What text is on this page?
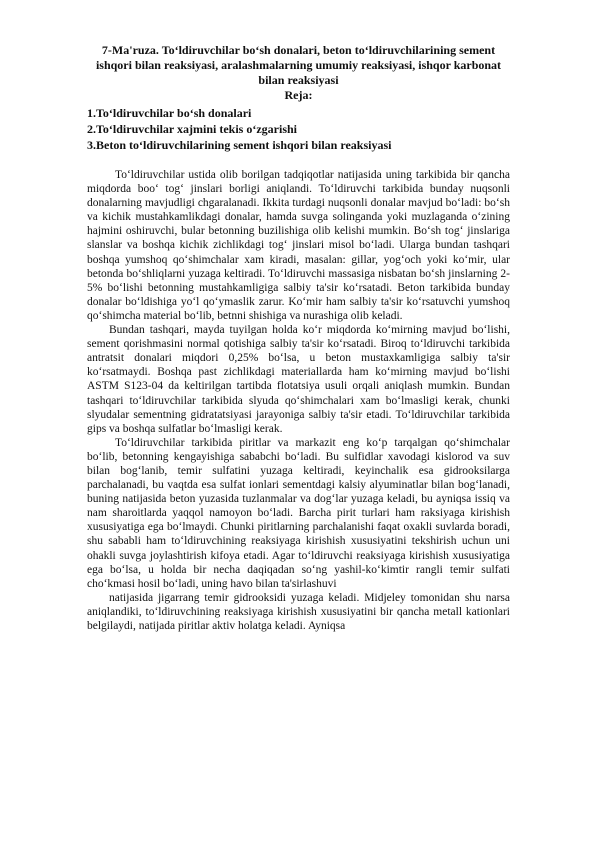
7-Ma'ruza. To‘ldiruvchilar bo‘sh donalari, beton to‘ldiruvchilarining sement ishqori bilan reaksiyasi, aralashmalarning umumiy reaksiyasi, ishqor karbonat bilan reaksiyasi
Reja:
1.To‘ldiruvchilar bo‘sh donalari
2.To‘ldiruvchilar xajmini tekis o‘zgarishi
3.Beton to‘ldiruvchilarining sement ishqori bilan reaksiyasi

To‘ldiruvchilar ustida olib borilgan tadqiqotlar natijasida uning tarkibida bir qancha miqdorda boo‘ tog‘ jinslari borligi aniqlandi. To‘ldiruvchi tarkibida bunday nuqsonli donalarning mavjudligi chgaralanadi. Ikkita turdagi nuqsonli donalar mavjud bo‘ladi: bo‘sh va kichik mustahkamlikdagi donalar, hamda suvga solinganda yoki muzlaganda o‘zining hajmini oshiruvchi, bular betonning buzilishiga olib kelishi mumkin. Bo‘sh tog‘ jinslariga slanslar va boshqa kichik zichlikdagi tog‘ jinslari misol bo‘ladi. Ularga bundan tashqari boshqa yumshoq qo‘shimchalar xam kiradi, masalan: gillar, yog‘och yoki ko‘mir, ular betonda bo‘shliqlarni yuzaga keltiradi. To‘ldiruvchi massasiga nisbatan bo‘sh jinslarning 2-5% bo‘lishi betonning mustahkamligiga salbiy ta'sir ko‘rsatadi. Beton tarkibida bunday donalar bo‘ldishiga yo‘l qo‘ymaslik zarur. Ko‘mir ham salbiy ta'sir ko‘rsatuvchi yumshoq qo‘shimcha material bo‘lib, betnni shishiga va nurashiga olib keladi.

Bundan tashqari, mayda tuyilgan holda ko‘r miqdorda ko‘mirning mavjud bo‘lishi, sement qorishmasini normal qotishiga salbiy ta'sir ko‘rsatadi. Biroq to‘ldiruvchi tarkibida antratsit donalari miqdori 0,25% bo‘lsa, u beton mustaxkamligiga salbiy ta'sir ko‘rsatmaydi. Boshqa past zichlikdagi materiallarda ham ko‘mirning mavjud bo‘lishi ASTM S123-04 da keltirilgan tartibda flotatsiya usuli orqali aniqlash mumkin. Bundan tashqari to‘ldiruvchilar tarkibida slyuda qo‘shimchalari xam bo‘lmasligi kerak, chunki slyudalar sementning gidratatsiyasi jarayoniga salbiy ta'sir etadi. To‘ldiruvchilar tarkibida gips va boshqa sulfatlar bo‘lmasligi kerak.

To‘ldiruvchilar tarkibida piritlar va markazit eng ko‘p tarqalgan qo‘shimchalar bo‘lib, betonning kengayishiga sababchi bo‘ladi. Bu sulfidlar xavodagi kislorod va suv bilan bog‘lanib, temir sulfatini yuzaga keltiradi, keyinchalik esa gidrooksilarga parchalanadi, bu vaqtda esa sulfat ionlari sementdagi kalsiy alyuminatlar bilan bog‘lanadi, buning natijasida beton yuzasida tuzlanmalar va dog‘lar yuzaga keladi, bu ayniqsa issiq va nam sharoitlarda yaqqol namoyon bo‘ladi. Barcha pirit turlari ham raksiyaga kirishish xususiyatiga ega bo‘lmaydi. Chunki piritlarning parchalanishi faqat oxakli suvlarda boradi, shu sababli ham to‘ldiruvchining reaksiyaga kirishish xususiyatini tekshirish uchun uni ohakli suvga joylashtirish kifoya etadi. Agar to‘ldiruvchi reaksiyaga kirishish xususiyatiga ega bo‘lsa, u holda bir necha daqiqadan so‘ng yashil-ko‘kimtir rangli temir sulfati cho‘kmasi hosil bo‘ladi, uning havo bilan ta'sirlashuvi

natijasida jigarrang temir gidrooksidi yuzaga keladi. Midjeley tomonidan shu narsa aniqlandiki, to‘ldiruvchining reaksiyaga kirishish xususiyatini bir qancha metall kationlari belgilaydi, natijada piritlar aktiv holatga keladi. Ayniqsa
